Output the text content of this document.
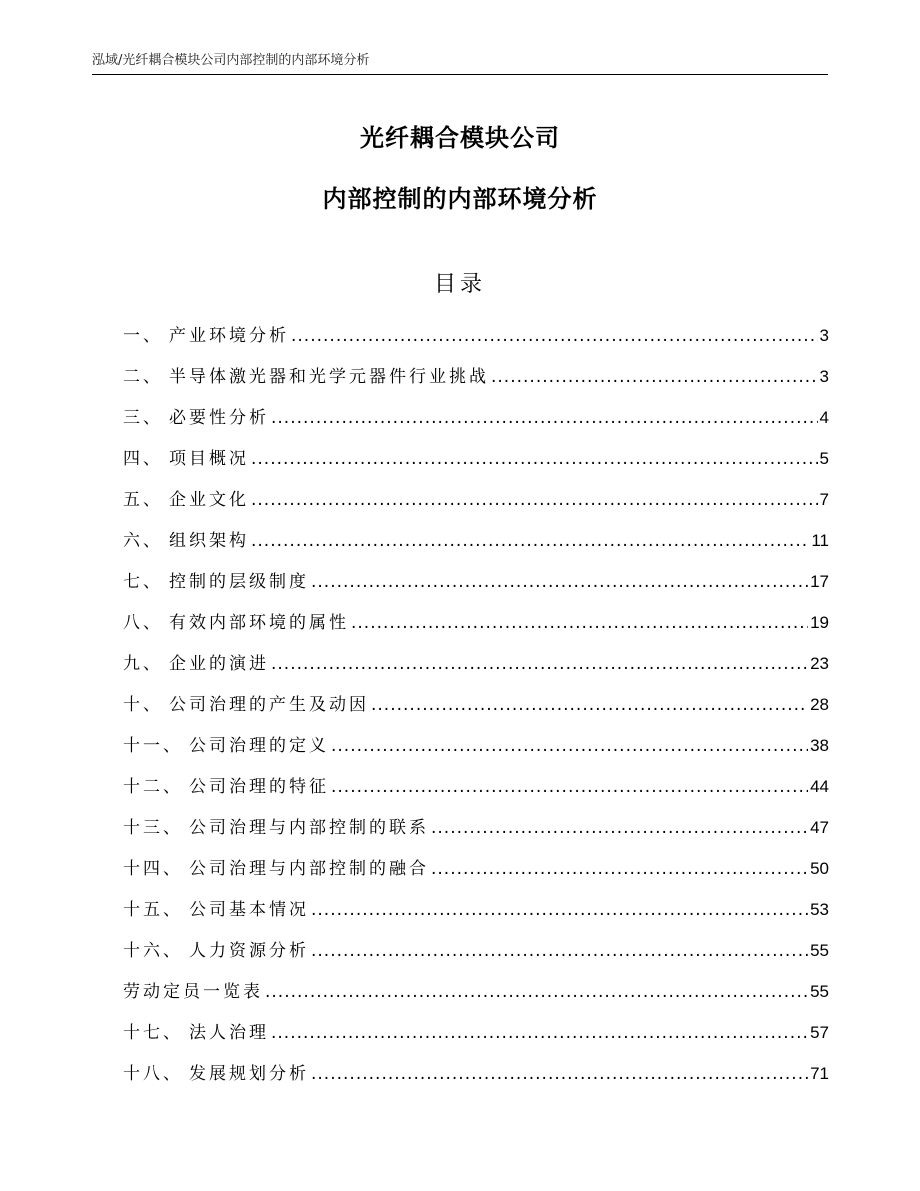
泓域/光纤耦合模块公司内部控制的内部环境分析
光纤耦合模块公司
内部控制的内部环境分析
目录
一 、 产业环境分析 .....	3
二 、 半导体激光器和光学元器件行业挑战 .....	3
三 、 必要性分析 .....	4
四 、 项目概况 .....	5
五 、 企业文化 .....	7
六 、 组织架构 .....	11
七 、 控制的层级制度 .....	17
八 、 有效内部环境的属性 .....	19
九 、 企业的演进 .....	23
十 、 公司治理的产生及动因 .....	28
十一 、 公司治理的定义 .....	38
十二 、 公司治理的特征 .....	44
十三 、 公司治理与内部控制的联系 .....	47
十四 、 公司治理与内部控制的融合 .....	50
十五 、 公司基本情况 .....	53
十六 、 人力资源分析 .....	55
劳动定员一览表 .....	55
十七 、 法人治理 .....	57
十八 、 发展规划分析 .....	71
